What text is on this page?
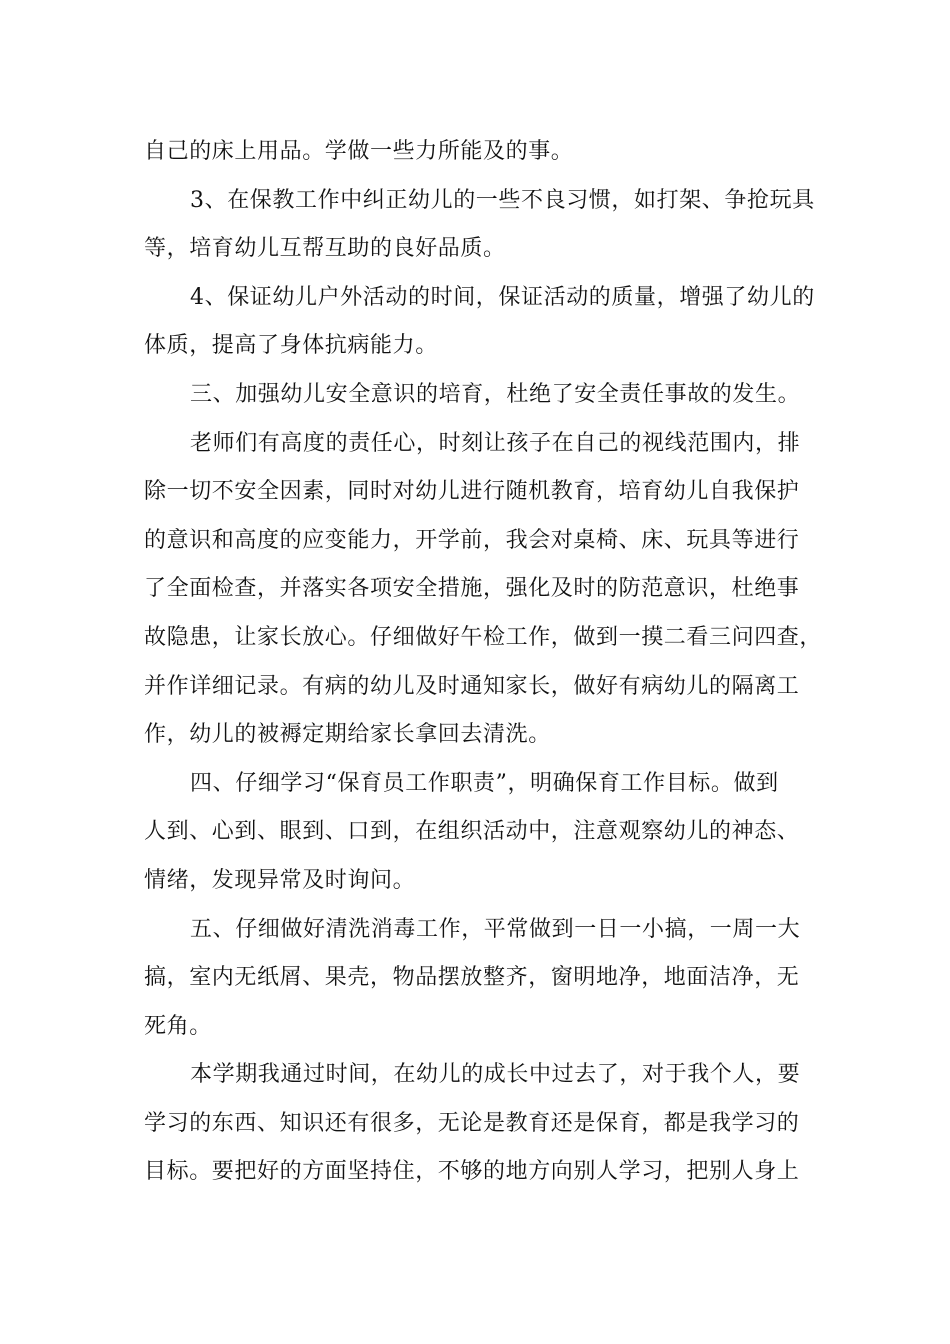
自己的床上用品。学做一些力所能及的事。
3、在保教工作中纠正幼儿的一些不良习惯，如打架、争抢玩具
等，培育幼儿互帮互助的良好品质。
4、保证幼儿户外活动的时间，保证活动的质量，增强了幼儿的
体质，提高了身体抗病能力。
三、加强幼儿安全意识的培育，杜绝了安全责任事故的发生。
老师们有高度的责任心，时刻让孩子在自己的视线范围内，排
除一切不安全因素，同时对幼儿进行随机教育，培育幼儿自我保护
的意识和高度的应变能力，开学前，我会对桌椅、床、玩具等进行
了全面检查，并落实各项安全措施，强化及时的防范意识，杜绝事
故隐患，让家长放心。仔细做好午检工作，做到一摸二看三问四查，
并作详细记录。有病的幼儿及时通知家长，做好有病幼儿的隔离工
作，幼儿的被褥定期给家长拿回去清洗。
四、仔细学习“保育员工作职责”，明确保育工作目标。做到
人到、心到、眼到、口到，在组织活动中，注意观察幼儿的神态、
情绪，发现异常及时询问。
五、仔细做好清洗消毒工作，平常做到一日一小搞，一周一大
搞，室内无纸屑、果壳，物品摆放整齐，窗明地净，地面洁净，无
死角。
本学期我通过时间，在幼儿的成长中过去了，对于我个人，要
学习的东西、知识还有很多，无论是教育还是保育，都是我学习的
目标。要把好的方面坚持住，不够的地方向别人学习，把别人身上
